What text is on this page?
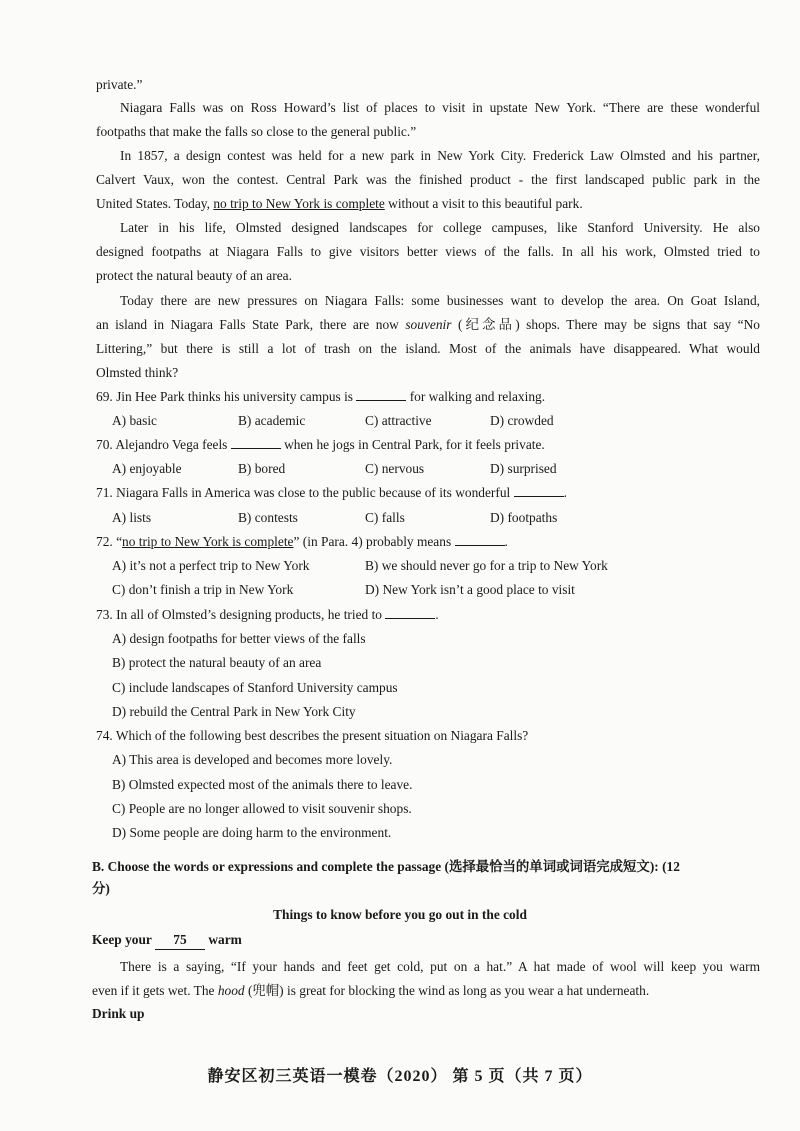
private.”
Niagara Falls was on Ross Howard’s list of places to visit in upstate New York. “There are these wonderful
footpaths that make the falls so close to the general public.”
In 1857, a design contest was held for a new park in New York City. Frederick Law Olmsted and his partner,
Calvert Vaux, won the contest. Central Park was the finished product - the first landscaped public park in the
United States. Today, no trip to New York is complete without a visit to this beautiful park.
Later in his life, Olmsted designed landscapes for college campuses, like Stanford University. He also
designed footpaths at Niagara Falls to give visitors better views of the falls. In all his work, Olmsted tried to
protect the natural beauty of an area.
Today there are new pressures on Niagara Falls: some businesses want to develop the area. On Goat Island,
an island in Niagara Falls State Park, there are now souvenir (纪念品) shops. There may be signs that say “No
Littering,” but there is still a lot of trash on the island. Most of the animals have disappeared. What would
Olmsted think?
69. Jin Hee Park thinks his university campus is	for walking and relaxing.
A) basic	B) academic	C) attractive	D) crowded
70. Alejandro Vega feels	when he jogs in Central Park, for it feels private.
A) enjoyable	B) bored	C) nervous	D) surprised
71. Niagara Falls in America was close to the public because of its wonderful	.
A) lists	B) contests	C) falls	D) footpaths
72. “no trip to New York is complete” (in Para. 4) probably means	.
A) it’s not a perfect trip to New York	B) we should never go for a trip to New York
C) don’t finish a trip in New York	D) New York isn’t a good place to visit
73. In all of Olmsted’s designing products, he tried to	.
A) design footpaths for better views of the falls
B) protect the natural beauty of an area
C) include landscapes of Stanford University campus
D) rebuild the Central Park in New York City
74. Which of the following best describes the present situation on Niagara Falls?
A) This area is developed and becomes more lovely.
B) Olmsted expected most of the animals there to leave.
C) People are no longer allowed to visit souvenir shops.
D) Some people are doing harm to the environment.
B. Choose the words or expressions and complete the passage (选择最恰当的单词或词语完成短文): (12
分)
Things to know before you go out in the cold
Keep your 75 warm
There is a saying, “If your hands and feet get cold, put on a hat.” A hat made of wool will keep you warm
even if it gets wet. The hood (兜帽) is great for blocking the wind as long as you wear a hat underneath.
Drink up
静安区初三英语一模卷（2020） 第 5 页（共 7 页）
